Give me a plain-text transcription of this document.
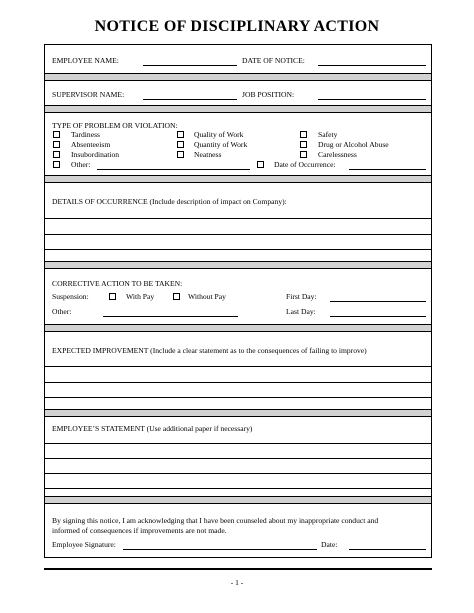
NOTICE OF DISCIPLINARY ACTION
EMPLOYEE NAME:	DATE OF NOTICE:
SUPERVISOR NAME:	JOB POSITION:
TYPE OF PROBLEM OR VIOLATION:
Tardiness	Quality of Work	Safety
Absenteeism	Quantity of Work	Drug or Alcohol Abuse
Insubordination	Neatness	Carelessness
Other:	Date of Occurrence:
DETAILS OF OCCURRENCE (Include description of impact on Company):
CORRECTIVE ACTION TO BE TAKEN:
Suspension:	With Pay	Without Pay	First Day:
Other:	Last Day:
EXPECTED IMPROVEMENT (Include a clear statement as to the consequences of failing to improve)
EMPLOYEE’S STATEMENT (Use additional paper if necessary)
By signing this notice, I am acknowledging that I have been counseled about my inappropriate conduct and
informed of consequences if improvements are not made.
Employee Signature:	Date:
- 1 -
